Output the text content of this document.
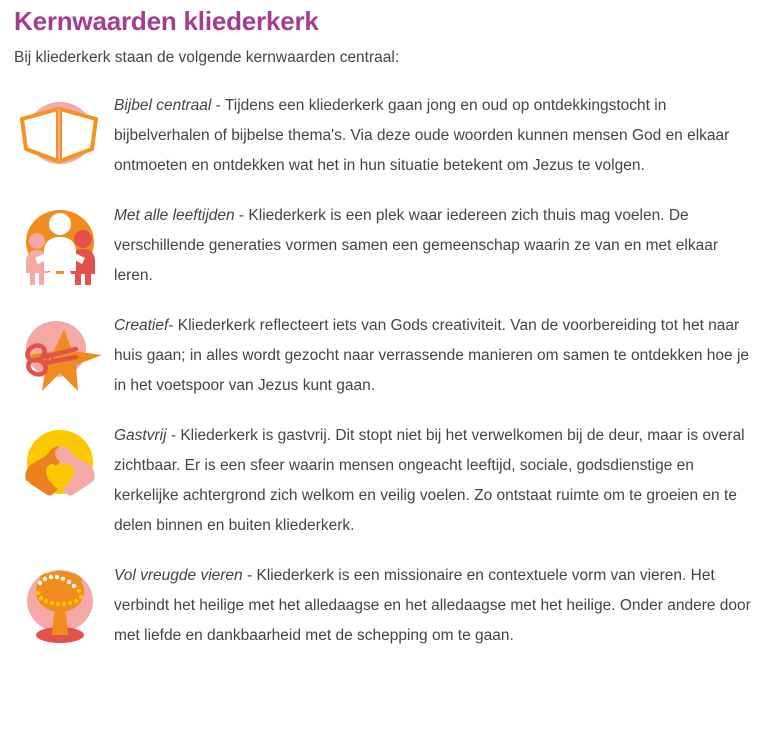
Kernwaarden kliederkerk

Bij kliederkerk staan de volgende kernwaarden centraal:

Bijbel centraal - Tijdens een kliederkerk gaan jong en oud op ontdekkingstocht in bijbelverhalen of bijbelse thema's. Via deze oude woorden kunnen mensen God en elkaar ontmoeten en ontdekken wat het in hun situatie betekent om Jezus te volgen.
Met alle leeftijden - Kliederkerk is een plek waar iedereen zich thuis mag voelen. De verschillende generaties vormen samen een gemeenschap waarin ze van en met elkaar leren.
Creatief- Kliederkerk reflecteert iets van Gods creativiteit. Van de voorbereiding tot het naar huis gaan; in alles wordt gezocht naar verrassende manieren om samen te ontdekken hoe je in het voetspoor van Jezus kunt gaan.
Gastvrij - Kliederkerk is gastvrij. Dit stopt niet bij het verwelkomen bij de deur, maar is overal zichtbaar. Er is een sfeer waarin mensen ongeacht leeftijd, sociale, godsdienstige en kerkelijke achtergrond zich welkom en veilig voelen. Zo ontstaat ruimte om te groeien en te delen binnen en buiten kliederkerk.
Vol vreugde vieren - Kliederkerk is een missionaire en contextuele vorm van vieren. Het verbindt het heilige met het alledaagse en het alledaagse met het heilige. Onder andere door met liefde en dankbaarheid met de schepping om te gaan.
